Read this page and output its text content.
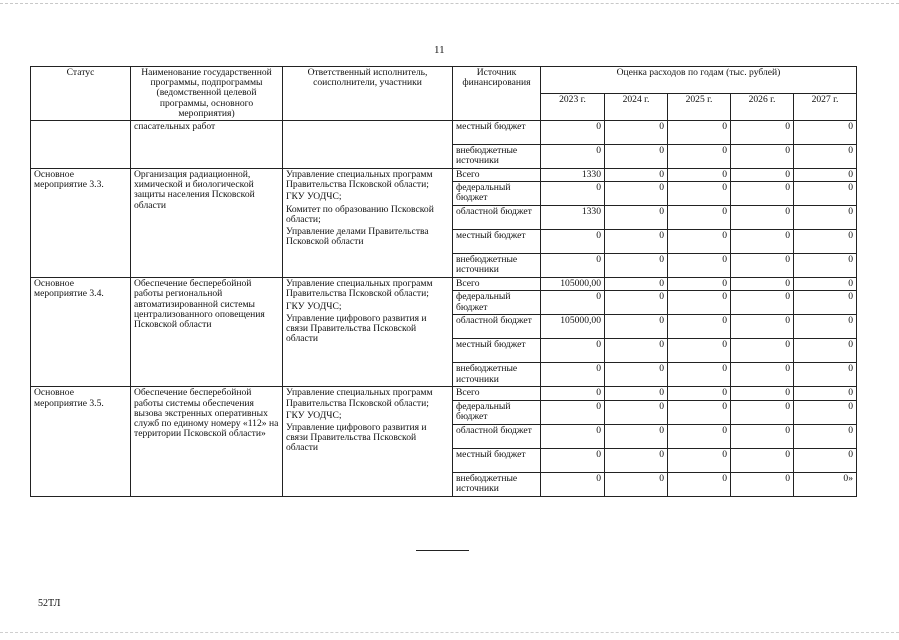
11
Статус	Наименование государственной программы, подпрограммы (ведомственной целевой программы, основного мероприятия)	Ответственный исполнитель, соисполнители, участники	Источник финансирования	Оценка расходов по годам (тыс. рублей)				
				2023 г.	2024 г.	2025 г.	2026 г.	2027 г.
	спасательных работ		местный бюджет	0	0	0	0	0
			внебюджетные источники	0	0	0	0	0
Основное мероприятие 3.3.	Организация радиационной, химической и биологической защиты населения Псковской области	Управление специальных программ Правительства Псковской области;
ГКУ УОДЧС;
Комитет по образованию Псковской области;
Управление делами Правительства Псковской области	Всего	1330	0	0	0	0
			федеральный бюджет	0	0	0	0	0
			областной бюджет	1330	0	0	0	0
			местный бюджет	0	0	0	0	0
			внебюджетные источники	0	0	0	0	0
Основное мероприятие 3.4.	Обеспечение бесперебойной работы региональной автоматизированной системы централизованного оповещения Псковской области	Управление специальных программ Правительства Псковской области;
ГКУ УОДЧС;
Управление цифрового развития и связи Правительства Псковской области	Всего	105000,00	0	0	0	0
			федеральный бюджет	0	0	0	0	0
			областной бюджет	105000,00	0	0	0	0
			местный бюджет	0	0	0	0	0
			внебюджетные источники	0	0	0	0	0
Основное мероприятие 3.5.	Обеспечение бесперебойной работы системы обеспечения вызова экстренных оперативных служб по единому номеру «112» на территории Псковской области»	Управление специальных программ Правительства Псковской области;
ГКУ УОДЧС;
Управление цифрового развития и связи Правительства Псковской области	Всего	0	0	0	0	0
			федеральный бюджет	0	0	0	0	0
			областной бюджет	0	0	0	0	0
			местный бюджет	0	0	0	0	0
			внебюджетные источники	0	0	0	0	0»
52ТЛ
